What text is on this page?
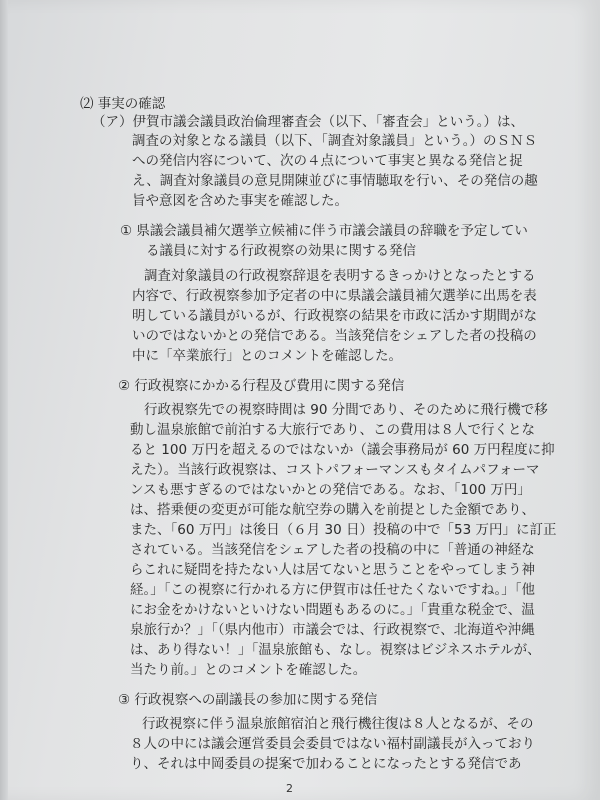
⑵ 事実の確認
（ア）伊賀市議会議員政治倫理審査会（以下、「審査会」という。）は、
調査の対象となる議員（以下、「調査対象議員」という。）のＳＮＳ
への発信内容について、次の４点について事実と異なる発信と捉
え、調査対象議員の意見開陳並びに事情聴取を行い、その発信の趣
旨や意図を含めた事実を確認した。
① 県議会議員補欠選挙立候補に伴う市議会議員の辞職を予定してい
る議員に対する行政視察の効果に関する発信
調査対象議員の行政視察辞退を表明するきっかけとなったとする
内容で、行政視察参加予定者の中に県議会議員補欠選挙に出馬を表
明している議員がいるが、行政視察の結果を市政に活かす期間がな
いのではないかとの発信である。当該発信をシェアした者の投稿の
中に「卒業旅行」とのコメントを確認した。
② 行政視察にかかる行程及び費用に関する発信
行政視察先での視察時間は 90 分間であり、そのために飛行機で移
動し温泉旅館で前泊する大旅行であり、この費用は８人で行くとな
ると 100 万円を超えるのではないか（議会事務局が 60 万円程度に抑
えた）。当該行政視察は、コストパフォーマンスもタイムパフォーマ
ンスも悪すぎるのではないかとの発信である。なお、「100 万円」
は、搭乗便の変更が可能な航空券の購入を前提とした金額であり、
また、「60 万円」は後日（６月 30 日）投稿の中で「53 万円」に訂正
されている。当該発信をシェアした者の投稿の中に「普通の神経な
らこれに疑問を持たない人は居てないと思うことをやってしまう神
経。」「この視察に行かれる方に伊賀市は任せたくないですね。」「他
にお金をかけないといけない問題もあるのに。」「貴重な税金で、温
泉旅行か？」「（県内他市）市議会では、行政視察で、北海道や沖縄
は、あり得ない！」「温泉旅館も、なし。視察はビジネスホテルが、
当たり前。」とのコメントを確認した。
③ 行政視察への副議長の参加に関する発信
行政視察に伴う温泉旅館宿泊と飛行機往復は８人となるが、その
８人の中には議会運営委員会委員ではない福村副議長が入っており
り、それは中岡委員の提案で加わることになったとする発信であ
2
